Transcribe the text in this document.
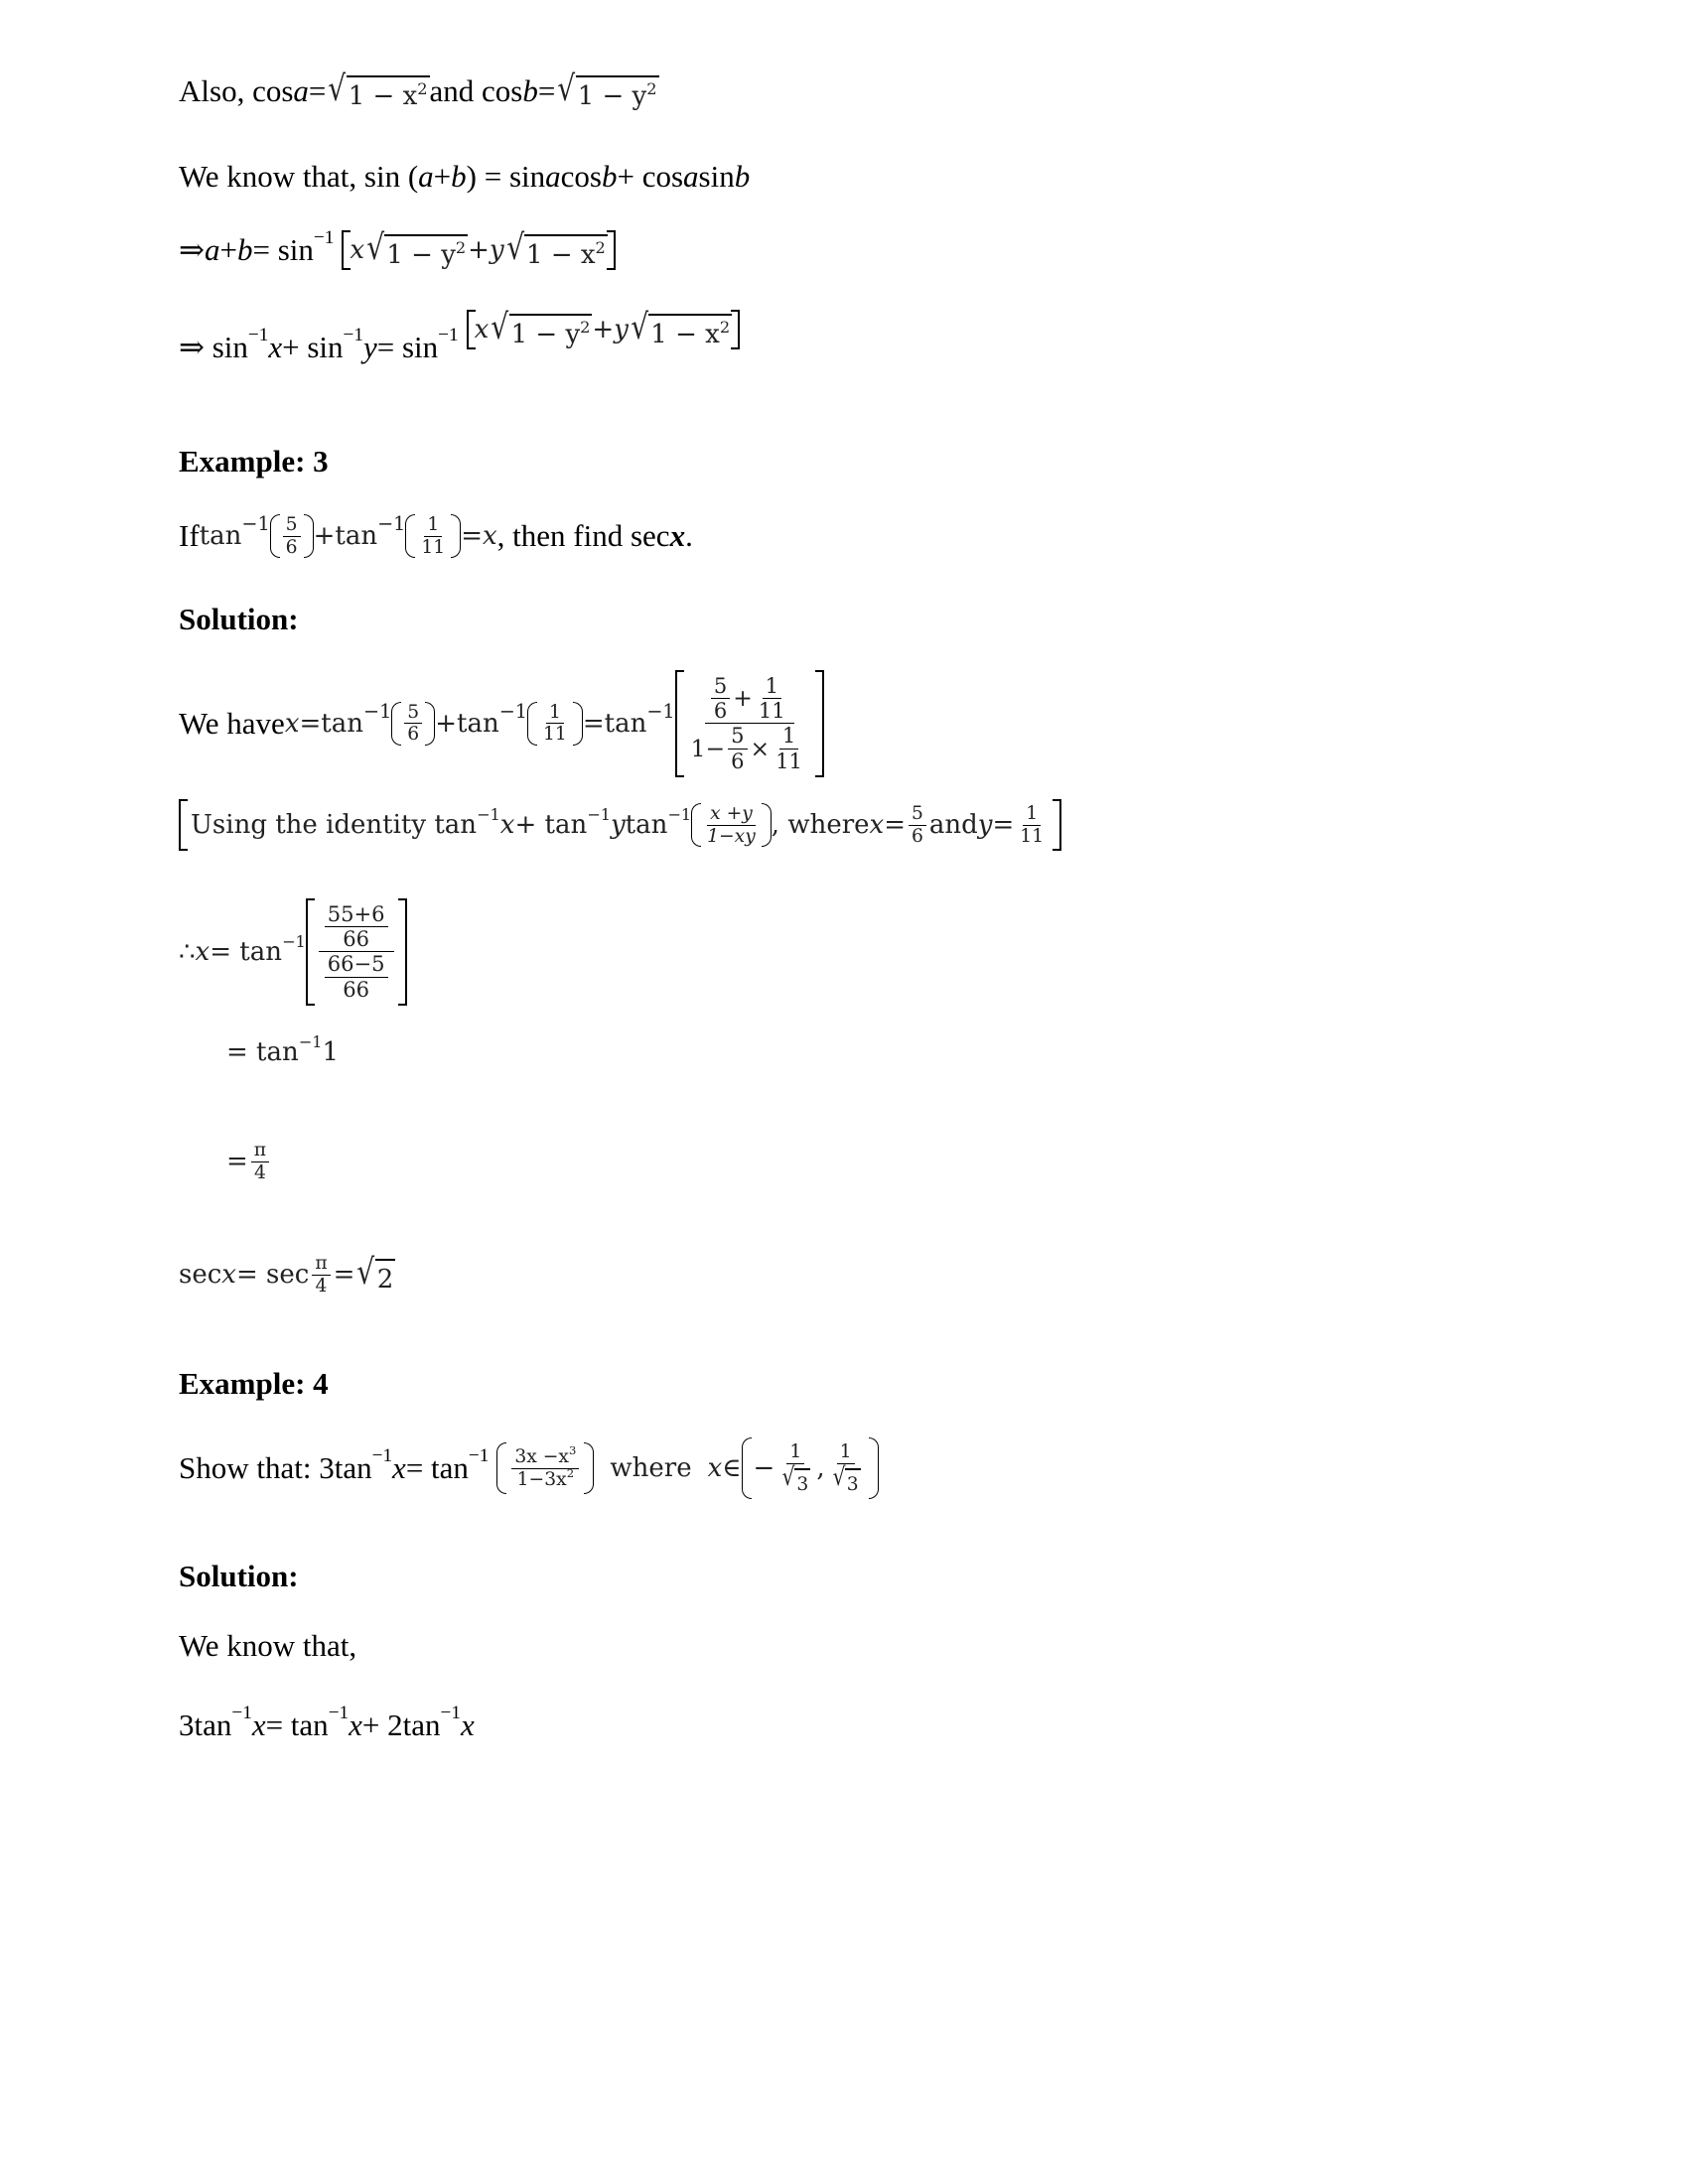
Also, cos a = √ $1 - x^2$ and cos b = √ $1 - y^2$
We know that, sin ( a + b ) = sin a cos b + cos a sin b
⇒ a + b = sin −1 x √ $1 - y^2 + y$ √ $1 - x^2$
⇒ sin −1 x + sin −1 y = sin −1 x √ $1 - y^2 + y$ √ $1 - x^2$
Example: 3
If $\tan -1 \frac{5}{6} + \tan -1 \frac{1}{11} = x$ , then find sec x .
Solution:
We have $x = \tan -1 \frac{5}{6} + \tan -1 \frac{1}{11} = \tan -1 \frac{\frac{5}{6} + \frac{1}{11}}{1- \frac{5}{6} \times \frac{1}{11}}$
Using the identity tan −1 x + tan −1 y $\tan -1 \frac{x +y}{1-xy}$ , where $x = \frac{5}{6}$ and $y = \frac{1}{11}$
∴ $x = \tan -1 \frac{\frac{55+6}{66}}{\frac{66-5}{66}}$
= tan −1 1
= $\frac{\pi}{4}$
$\sec x = \sec \frac{\pi}{4}$ = √ 2
Example: 4
Show that: 3tan −1 $x = \tan -1 \frac{3x -x^3}{1-3x^2}$ where x ∈ − $\frac{1}{√ 3}$ , $\frac{1}{√ 3}$
Solution:
We know that,
3tan −1 x = tan −1 x + 2tan −1 x
